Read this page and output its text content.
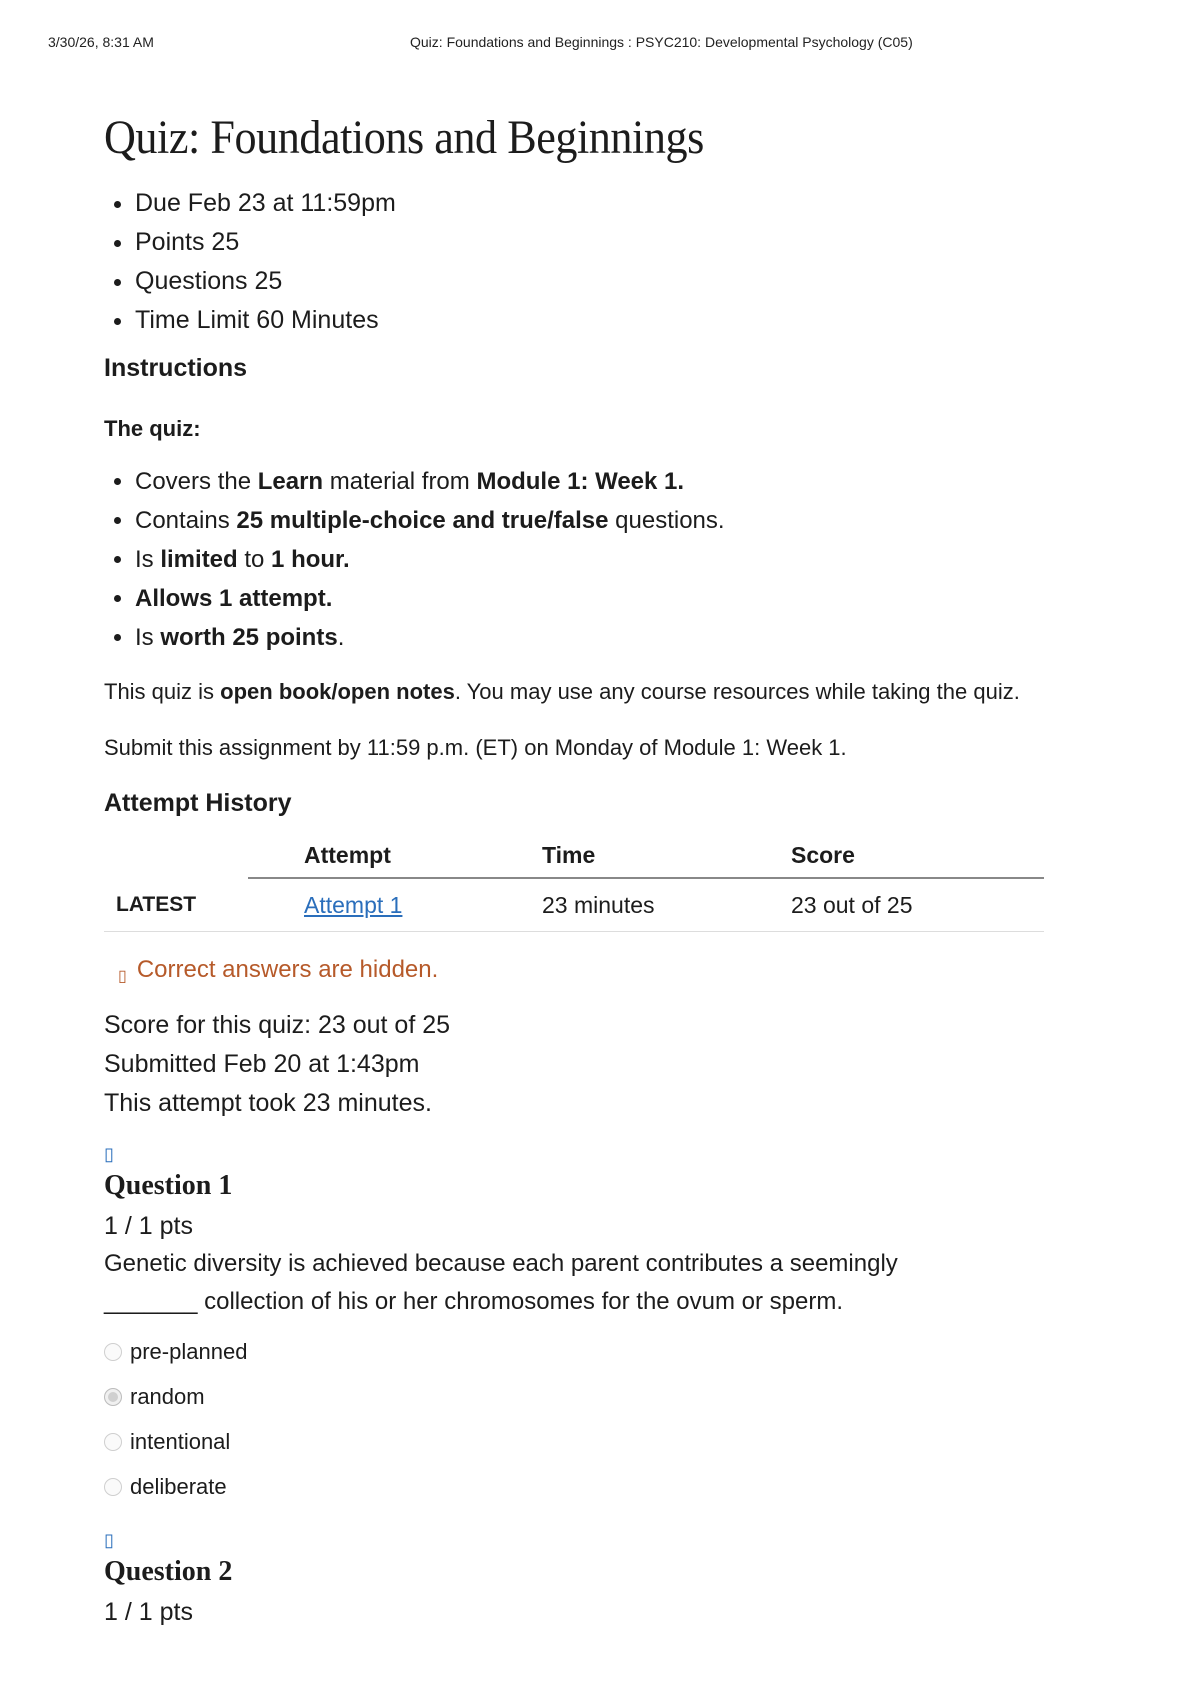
3/30/26, 8:31 AM	Quiz: Foundations and Beginnings : PSYC210: Developmental Psychology (C05)
Quiz: Foundations and Beginnings
• Due Feb 23 at 11:59pm
• Points 25
• Questions 25
• Time Limit 60 Minutes
Instructions
The quiz:
• Covers the Learn material from Module 1: Week 1.
• Contains 25 multiple-choice and true/false questions.
• Is limited to 1 hour.
• Allows 1 attempt.
• Is worth 25 points.

This quiz is open book/open notes. You may use any course resources while taking the quiz.

Submit this assignment by 11:59 p.m. (ET) on Monday of Module 1: Week 1.

Attempt History
	Attempt	Time	Score
LATEST	Attempt 1	23 minutes	23 out of 25
▯ Correct answers are hidden.
Score for this quiz: 23 out of 25
Submitted Feb 20 at 1:43pm
This attempt took 23 minutes.
▯
Question 1
1 / 1 pts
Genetic diversity is achieved because each parent contributes a seemingly _______ collection of his or her chromosomes for the ovum or sperm.
pre-planned
random
intentional
deliberate
▯
Question 2
1 / 1 pts
